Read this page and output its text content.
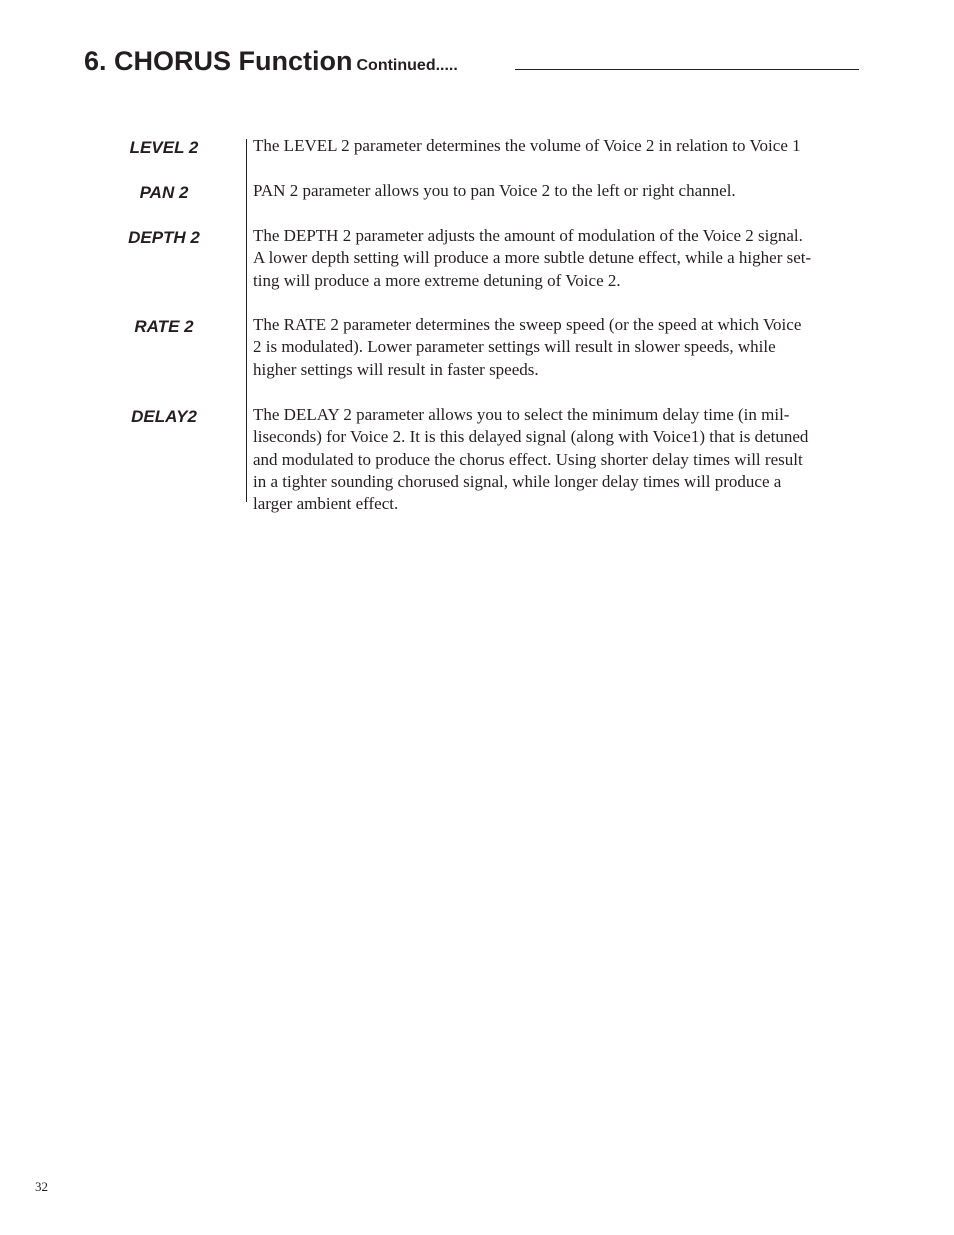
6. CHORUS Function Continued.....
LEVEL 2	The LEVEL 2 parameter determines the volume of Voice 2 in relation to Voice 1
PAN 2	PAN 2 parameter allows you to pan Voice 2 to the left or right channel.
DEPTH 2	The DEPTH 2 parameter adjusts the amount of modulation of the Voice 2 signal.
A lower depth setting will produce a more subtle detune effect, while a higher set-
ting will produce a more extreme detuning of Voice 2.
RATE 2	The RATE 2 parameter determines the sweep speed (or the speed at which Voice
2 is modulated). Lower parameter settings will result in slower speeds, while
higher settings will result in faster speeds.
DELAY2	The DELAY 2 parameter allows you to select the minimum delay time (in mil-
liseconds) for Voice 2. It is this delayed signal (along with Voice1) that is detuned
and modulated to produce the chorus effect. Using shorter delay times will result
in a tighter sounding chorused signal, while longer delay times will produce a
larger ambient effect.
32
